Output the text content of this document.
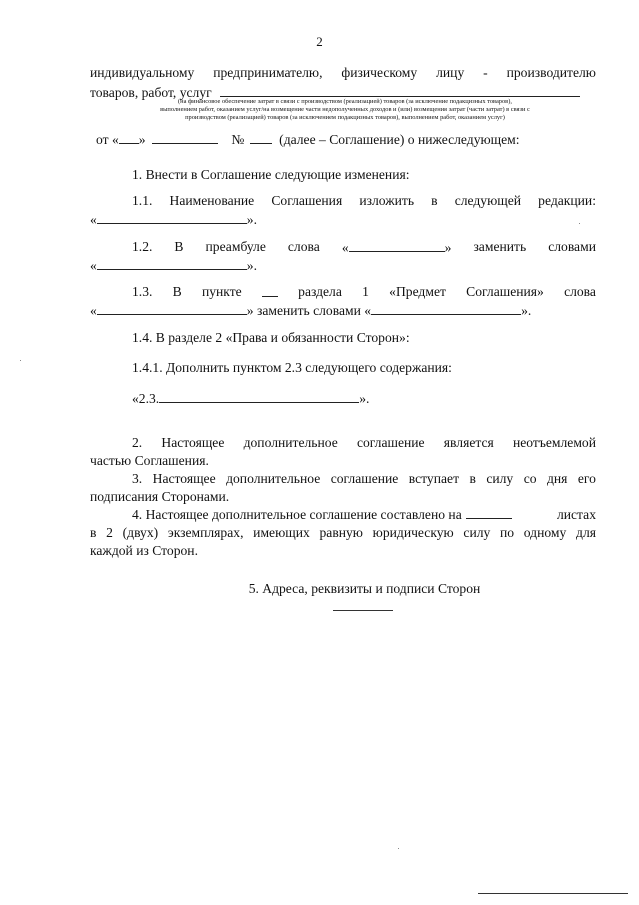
2
индивидуальному предпринимателю, физическому лицу - производителю
товаров, работ, услуг
(на финансовое обеспечение затрат в связи с производством (реализацией) товаров (за исключение подакцизных товаров),
выполнением работ, оказанием услуг/на возмещение части недополученных доходов и (или) возмещения затрат (части затрат) в связи с
производством (реализацией) товаров (за исключением подакцизных товаров), выполнением работ, оказанием услуг)
от « »	№	(далее – Соглашение) о нижеследующем:
1. Внести в Соглашение следующие изменения:
1.1. Наименование Соглашения изложить в следующей редакции:
«	».
1.2. В преамбуле слова «	» заменить словами
«	».
1.3. В пункте	раздела 1 «Предмет Соглашения» слова
«	» заменить словами «	».
1.4. В разделе 2 «Права и обязанности Сторон»:
1.4.1. Дополнить пунктом 2.3 следующего содержания:
«2.3.	».
2. Настоящее дополнительное соглашение является неотъемлемой
частью Соглашения.
3. Настоящее дополнительное соглашение вступает в силу со дня его
подписания Сторонами.
4. Настоящее дополнительное соглашение составлено на	листах
в 2 (двух) экземплярах, имеющих равную юридическую силу по одному для
каждой из Сторон.
5. Адреса, реквизиты и подписи Сторон
